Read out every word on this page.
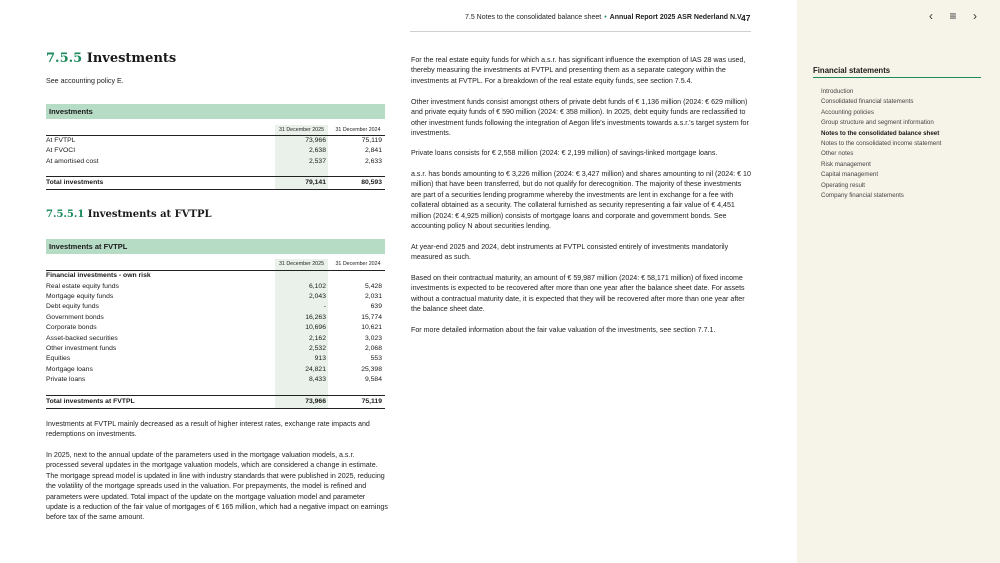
7.5 Notes to the consolidated balance sheet • Annual Report 2025 ASR Nederland N.V.
47
7.5.5 Investments
See accounting policy E.
Investments
31 December 2025	31 December 2024
At FVTPL	73,966	75,119
At FVOCI	2,638	2,841
At amortised cost	2,537	2,633
Total investments	79,141	80,593
7.5.5.1 Investments at FVTPL
Investments at FVTPL
31 December 2025	31 December 2024
Financial investments - own risk
Real estate equity funds	6,102	5,428
Mortgage equity funds	2,043	2,031
Debt equity funds	-	639
Government bonds	16,263	15,774
Corporate bonds	10,696	10,621
Asset-backed securities	2,162	3,023
Other investment funds	2,532	2,068
Equities	913	553
Mortgage loans	24,821	25,398
Private loans	8,433	9,584
Total investments at FVTPL	73,966	75,119
Investments at FVTPL mainly decreased as a result of higher interest rates, exchange rate impacts and redemptions on investments.
In 2025, next to the annual update of the parameters used in the mortgage valuation models, a.s.r. processed several updates in the mortgage valuation models, which are considered a change in estimate. The mortgage spread model is updated in line with industry standards that were published in 2025, reducing the volatility of the mortgage spreads used in the valuation. For prepayments, the model is refined and parameters were updated. Total impact of the update on the mortgage valuation model and parameter update is a reduction of the fair value of mortgages of € 165 million, which had a negative impact on earnings before tax of the same amount.
For the real estate equity funds for which a.s.r. has significant influence the exemption of IAS 28 was used, thereby measuring the investments at FVTPL and presenting them as a separate category within the investments at FVTPL. For a breakdown of the real estate equity funds, see section 7.5.4.
Other investment funds consist amongst others of private debt funds of € 1,136 million (2024: € 629 million) and private equity funds of € 590 million (2024: € 358 million). In 2025, debt equity funds are reclassified to other investment funds following the integration of Aegon life's investments towards a.s.r.'s target system for investments.
Private loans consists for € 2,558 million (2024: € 2,199 million) of savings-linked mortgage loans.
a.s.r. has bonds amounting to € 3,226 million (2024: € 3,427 million) and shares amounting to nil (2024: € 10 million) that have been transferred, but do not qualify for derecognition. The majority of these investments are part of a securities lending programme whereby the investments are lent in exchange for a fee with collateral obtained as a security. The collateral furnished as security representing a fair value of € 4,451 million (2024: € 4,925 million) consists of mortgage loans and corporate and government bonds. See accounting policy N about securities lending.
At year-end 2025 and 2024, debt instruments at FVTPL consisted entirely of investments mandatorily measured as such.
Based on their contractual maturity, an amount of € 59,987 million (2024: € 58,171 million) of fixed income investments is expected to be recovered after more than one year after the balance sheet date. For assets without a contractual maturity date, it is expected that they will be recovered after more than one year after the balance sheet date.
For more detailed information about the fair value valuation of the investments, see section 7.7.1.
‹ ≡ ›
Financial statements
Introduction
Consolidated financial statements
Accounting policies
Group structure and segment information
Notes to the consolidated balance sheet
Notes to the consolidated income statement
Other notes
Risk management
Capital management
Operating result
Company financial statements
